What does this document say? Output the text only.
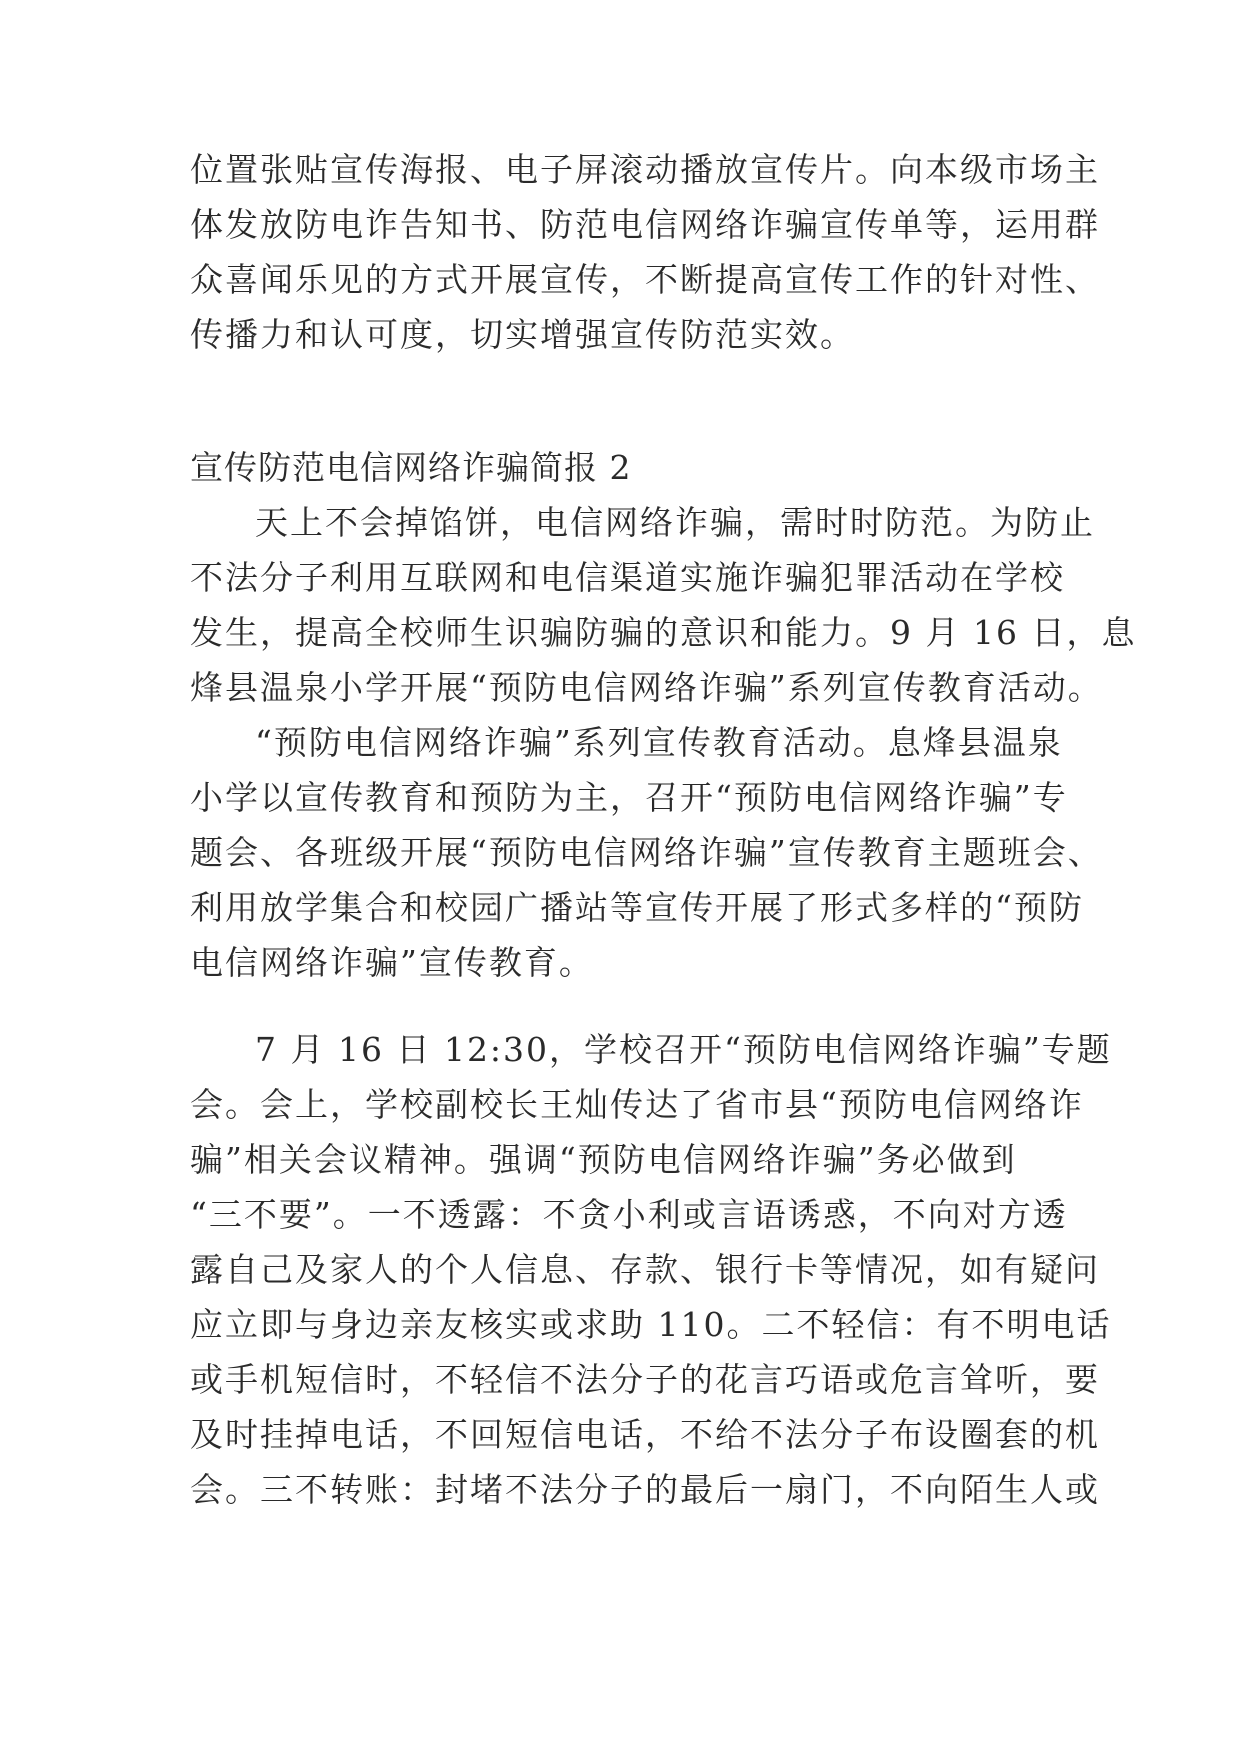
位置张贴宣传海报、电子屏滚动播放宣传片。向本级市场主
体发放防电诈告知书、防范电信网络诈骗宣传单等，运用群
众喜闻乐见的方式开展宣传，不断提高宣传工作的针对性、
传播力和认可度，切实增强宣传防范实效。
宣传防范电信网络诈骗简报 2
天上不会掉馅饼，电信网络诈骗，需时时防范。为防止
不法分子利用互联网和电信渠道实施诈骗犯罪活动在学校
发生，提高全校师生识骗防骗的意识和能力。9 月 16 日，息
烽县温泉小学开展“预防电信网络诈骗”系列宣传教育活动。
“预防电信网络诈骗”系列宣传教育活动。息烽县温泉
小学以宣传教育和预防为主，召开“预防电信网络诈骗”专
题会、各班级开展“预防电信网络诈骗”宣传教育主题班会、
利用放学集合和校园广播站等宣传开展了形式多样的“预防
电信网络诈骗”宣传教育。
7 月 16 日 12:30，学校召开“预防电信网络诈骗”专题
会。会上，学校副校长王灿传达了省市县“预防电信网络诈
骗”相关会议精神。强调“预防电信网络诈骗”务必做到
“三不要”。一不透露：不贪小利或言语诱惑，不向对方透
露自己及家人的个人信息、存款、银行卡等情况，如有疑问
应立即与身边亲友核实或求助 110。二不轻信：有不明电话
或手机短信时，不轻信不法分子的花言巧语或危言耸听，要
及时挂掉电话，不回短信电话，不给不法分子布设圈套的机
会。三不转账：封堵不法分子的最后一扇门，不向陌生人或
